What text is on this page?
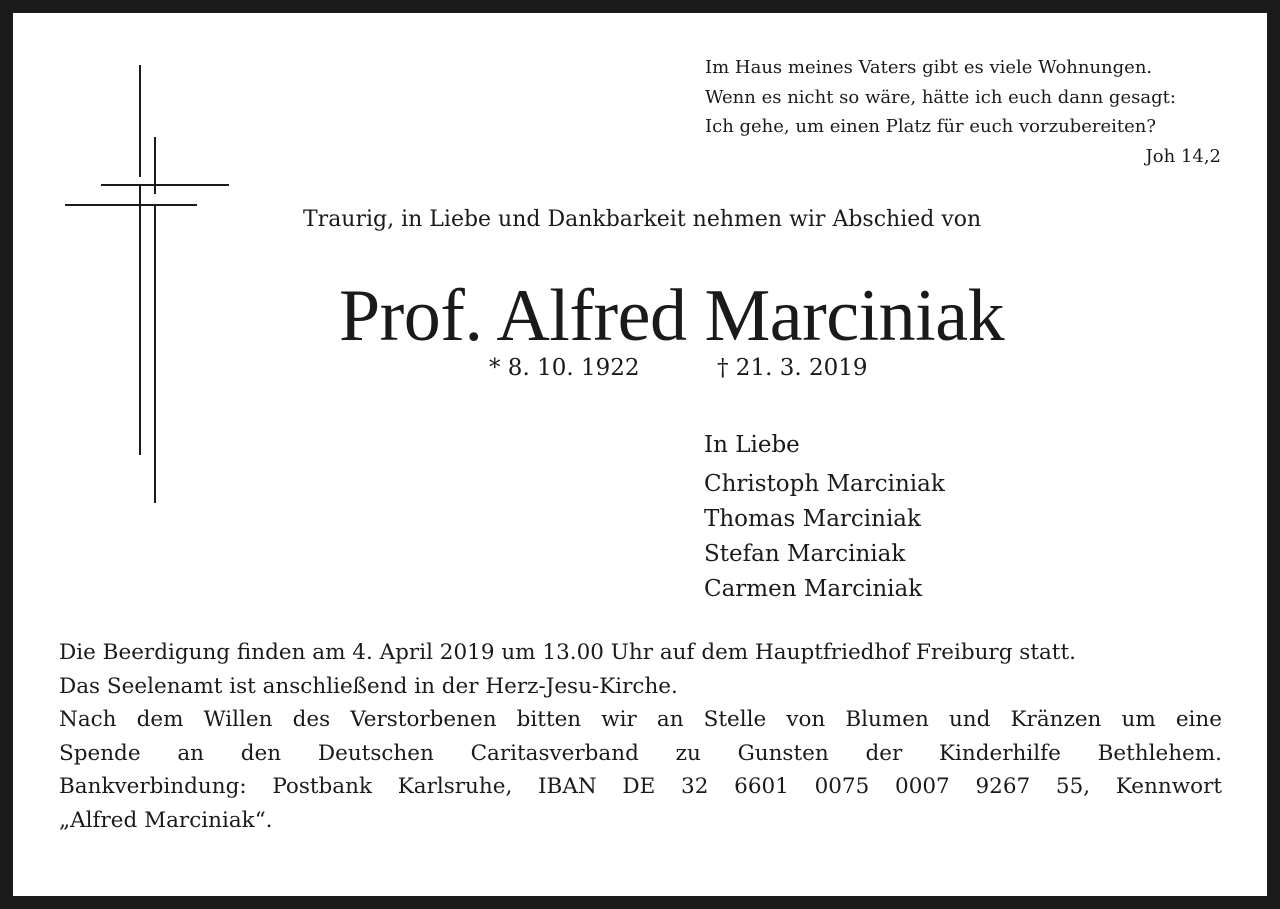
Im Haus meines Vaters gibt es viele Wohnungen.
Wenn es nicht so wäre, hätte ich euch dann gesagt:
Ich gehe, um einen Platz für euch vorzubereiten?
Joh 14,2
Traurig, in Liebe und Dankbarkeit nehmen wir Abschied von
Prof. Alfred Marciniak
* 8. 10. 1922	† 21. 3. 2019
In Liebe
Christoph Marciniak
Thomas Marciniak
Stefan Marciniak
Carmen Marciniak
Die Beerdigung finden am 4. April 2019 um 13.00 Uhr auf dem Hauptfriedhof Freiburg statt.
Das Seelenamt ist anschließend in der Herz-Jesu-Kirche.
Nach dem Willen des Verstorbenen bitten wir an Stelle von Blumen und Kränzen um eine
Spende an den Deutschen Caritasverband zu Gunsten der Kinderhilfe Bethlehem.
Bankverbindung: Postbank Karlsruhe, IBAN DE 32 6601 0075 0007 9267 55, Kennwort
„Alfred Marciniak“.
